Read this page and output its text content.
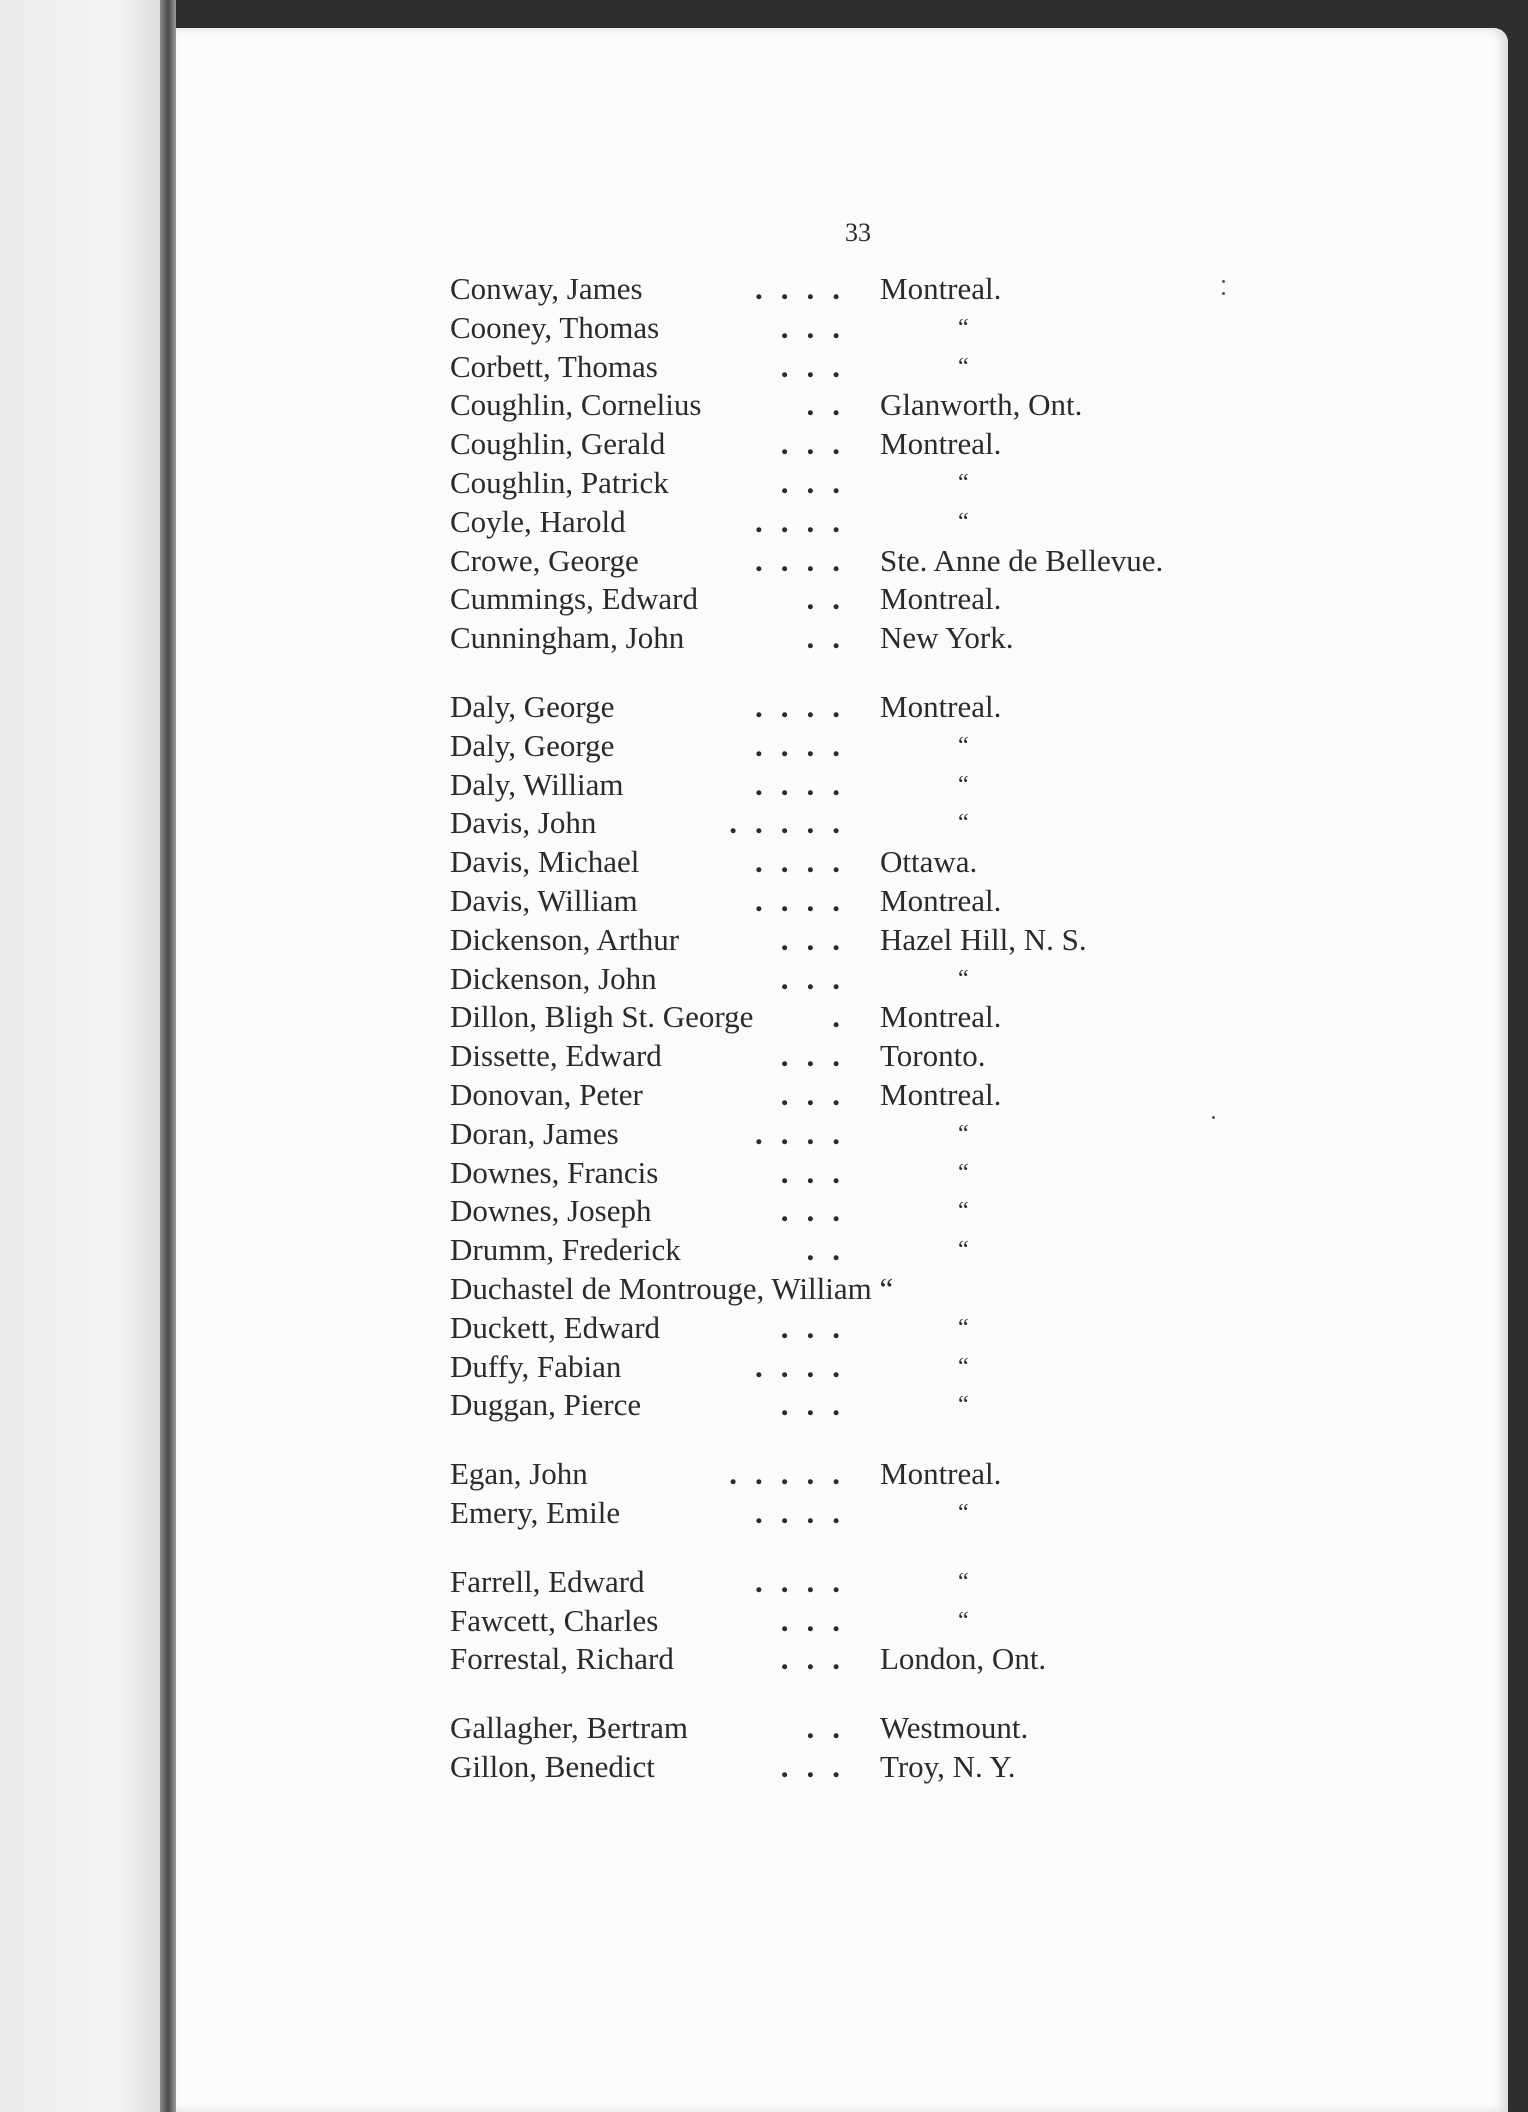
33
Conway, James	.... Montreal.
Cooney, Thomas	...	“
Corbett, Thomas	...	“
Coughlin, Cornelius	.. Glanworth, Ont.
Coughlin, Gerald	... Montreal.
Coughlin, Patrick	...	“
Coyle, Harold	....	“
Crowe, George	.... Ste. Anne de Bellevue.
Cummings, Edward	.. Montreal.
Cunningham, John	.. New York.
Daly, George	.... Montreal.
Daly, George	....	“
Daly, William	....	“
Davis, John	.....	“
Davis, Michael	.... Ottawa.
Davis, William	.... Montreal.
Dickenson, Arthur	... Hazel Hill, N. S.
Dickenson, John	...	“
Dillon, Bligh St. George	. Montreal.
Dissette, Edward	... Toronto.
Donovan, Peter	... Montreal.
Doran, James	....	“
Downes, Francis	...	“
Downes, Joseph	...	“
Drumm, Frederick	..	“
Duchastel de Montrouge, William “
Duckett, Edward	...	“
Duffy, Fabian	....	“
Duggan, Pierce	...	“
Egan, John	..... Montreal.
Emery, Emile	....	“
Farrell, Edward	....	“
Fawcett, Charles	...	“
Forrestal, Richard	... London, Ont.
Gallagher, Bertram	.. Westmount.
Gillon, Benedict	... Troy, N. Y.
